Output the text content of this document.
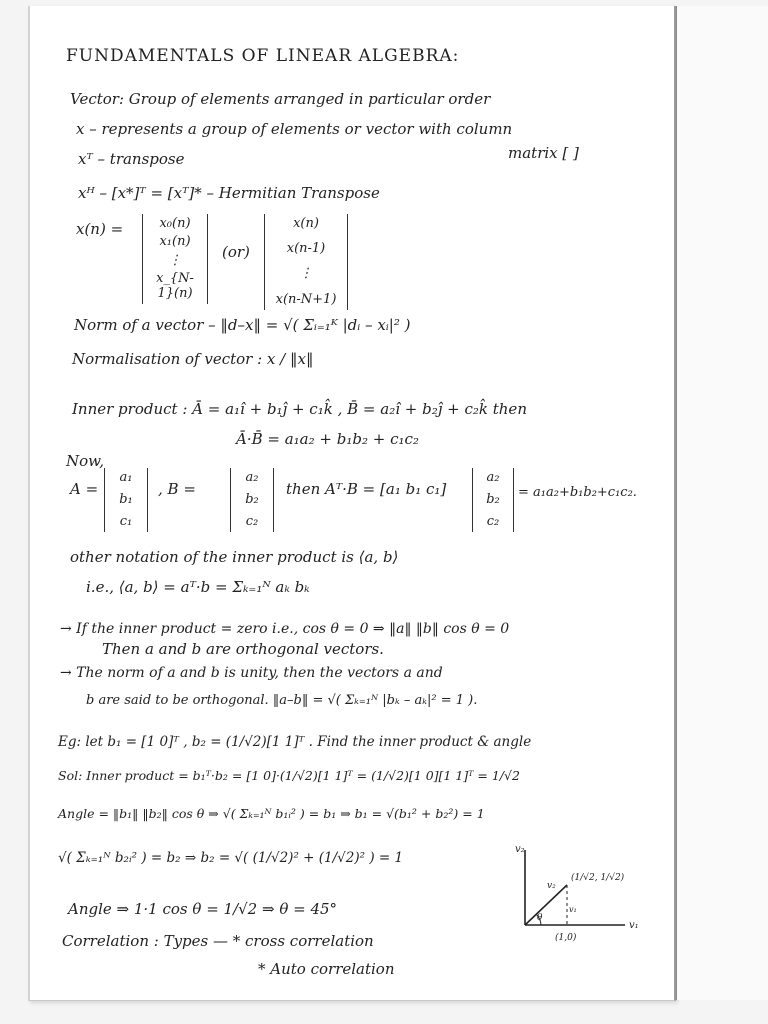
FUNDAMENTALS OF LINEAR ALGEBRA:
Vector: Group of elements arranged in particular order
x – represents a group of elements or vector with column
matrix [ ]
xᵀ – transpose
xᴴ – [x*]ᵀ = [xᵀ]* – Hermitian Transpose
x(n) =	x₀(n)
x₁(n)
⋮
x_{N-1}(n)
(or)
x(n)
x(n-1)
⋮
x(n-N+1)
Norm of a vector – ‖d–x‖ = √( Σᵢ₌₁ᴷ |dᵢ – xᵢ|² )
Normalisation of vector : x / ‖x‖
Inner product : Ā = a₁î + b₁ĵ + c₁k̂ , B̄ = a₂î + b₂ĵ + c₂k̂ then
Ā·B̄ = a₁a₂ + b₁b₂ + c₁c₂
Now,
A =
a₁
b₁
c₁
, B =
a₂
b₂
c₂
then Aᵀ·B = [a₁ b₁ c₁]
a₂
b₂
c₂
= a₁a₂+b₁b₂+c₁c₂.
other notation of the inner product is ⟨a, b⟩
i.e., ⟨a, b⟩ = aᵀ·b = Σₖ₌₁ᴺ aₖ bₖ
→ If the inner product = zero i.e., cos θ = 0 ⇒ ‖a‖ ‖b‖ cos θ = 0
Then a and b are orthogonal vectors.
→ The norm of a and b is unity, then the vectors a and
b are said to be orthogonal. ‖a–b‖ = √( Σₖ₌₁ᴺ |bₖ – aₖ|² = 1 ).
Eg: let b₁ = [1 0]ᵀ , b₂ = (1/√2)[1 1]ᵀ . Find the inner product & angle
Sol: Inner product = b₁ᵀ·b₂ = [1 0]·(1/√2)[1 1]ᵀ = (1/√2)[1 0][1 1]ᵀ = 1/√2
Angle = ‖b₁‖ ‖b₂‖ cos θ ⇒ √( Σₖ₌₁ᴺ b₁ᵢ² ) = b₁ ⇒ b₁ = √(b₁² + b₂²) = 1
√( Σₖ₌₁ᴺ b₂ᵢ² ) = b₂ ⇒ b₂ = √( (1/√2)² + (1/√2)² ) = 1
Angle ⇒ 1·1 cos θ = 1/√2 ⇒ θ = 45°
Correlation : Types — * cross correlation
* Auto correlation
v₂
v₁
(1/√2, 1/√2)
v₂
θ
v₁
(1,0)
